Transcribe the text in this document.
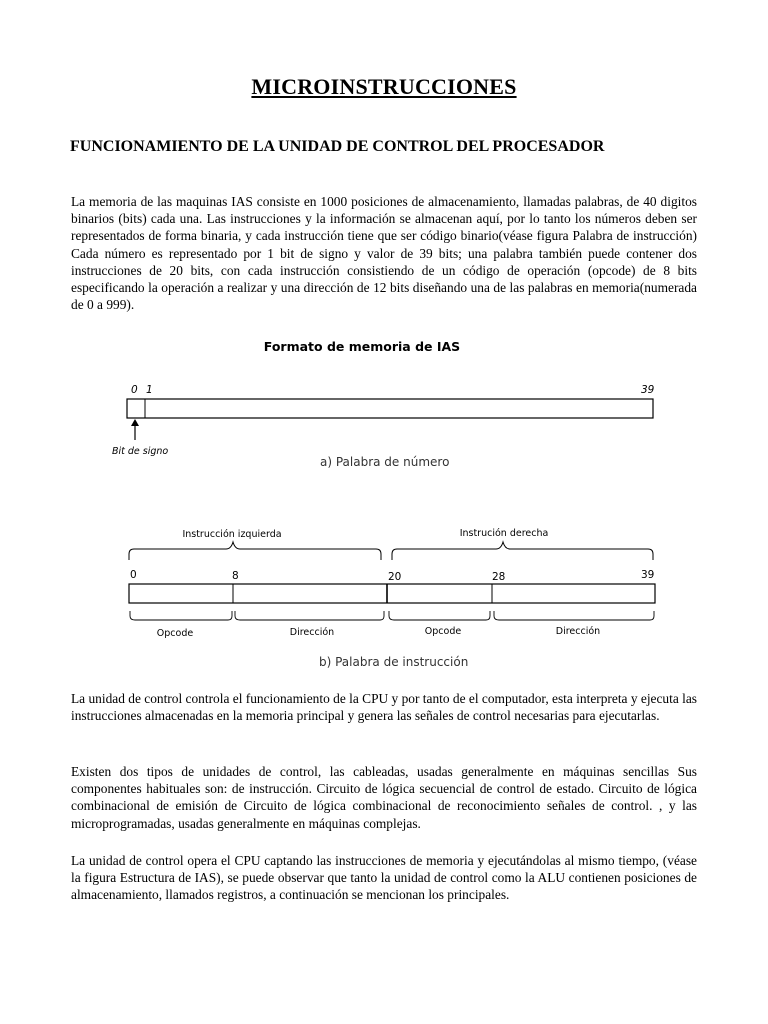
MICROINSTRUCCIONES
FUNCIONAMIENTO DE LA UNIDAD DE CONTROL DEL PROCESADOR

La memoria de las maquinas IAS consiste en 1000 posiciones de almacenamiento, llamadas palabras, de 40 digitos binarios (bits) cada una. Las instrucciones y la información se almacenan aquí, por lo tanto los números deben ser representados de forma binaria, y cada instrucción tiene que ser código binario(véase figura Palabra de instrucción) Cada número es representado por 1 bit de signo y valor de 39 bits; una palabra también puede contener dos instrucciones de 20 bits, con cada instrucción consistiendo de un código de operación (opcode) de 8 bits especificando la operación a realizar y una dirección de 12 bits diseñando una de las palabras en memoria(numerada de 0 a 999).

Formato de memoria de IAS
0 1	39
Bit de signo
a) Palabra de número
Instrucción izquierda	Instrución derecha
0	8	20	28	39
Opcode	Dirección	Opcode	Dirección
b) Palabra de instrucción

La unidad de control controla el funcionamiento de la CPU y por tanto de el computador, esta interpreta y ejecuta las instrucciones almacenadas en la memoria principal y genera las señales de control necesarias para ejecutarlas.

Existen dos tipos de unidades de control, las cableadas, usadas generalmente en máquinas sencillas Sus componentes habituales son: de instrucción. Circuito de lógica secuencial de control de estado. Circuito de lógica combinacional de emisión de Circuito de lógica combinacional de reconocimiento señales de control. , y las microprogramadas, usadas generalmente en máquinas complejas.

La unidad de control opera el CPU captando las instrucciones de memoria y ejecutándolas al mismo tiempo, (véase la figura Estructura de IAS), se puede observar que tanto la unidad de control como la ALU contienen posiciones de almacenamiento, llamados registros, a continuación se mencionan los principales.
